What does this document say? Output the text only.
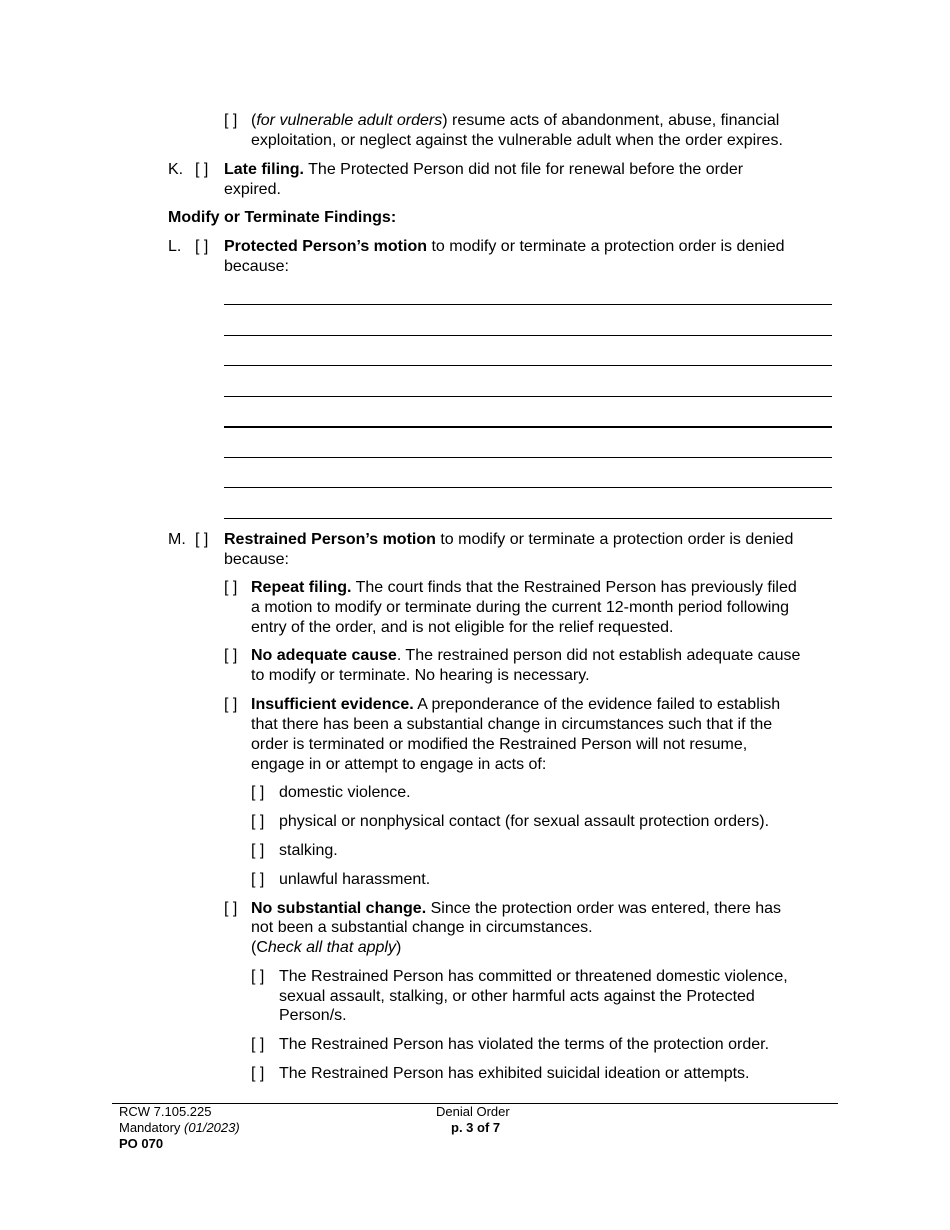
[ ] (for vulnerable adult orders) resume acts of abandonment, abuse, financial
exploitation, or neglect against the vulnerable adult when the order expires.
K. [ ] Late filing. The Protected Person did not file for renewal before the order
expired.
Modify or Terminate Findings:
L. [ ] Protected Person’s motion to modify or terminate a protection order is denied
because:
M. [ ] Restrained Person’s motion to modify or terminate a protection order is denied
because:
[ ] Repeat filing. The court finds that the Restrained Person has previously filed
a motion to modify or terminate during the current 12-month period following
entry of the order, and is not eligible for the relief requested.
[ ] No adequate cause. The restrained person did not establish adequate cause
to modify or terminate. No hearing is necessary.
[ ] Insufficient evidence. A preponderance of the evidence failed to establish
that there has been a substantial change in circumstances such that if the
order is terminated or modified the Restrained Person will not resume,
engage in or attempt to engage in acts of:
[ ] domestic violence.
[ ] physical or nonphysical contact (for sexual assault protection orders).
[ ] stalking.
[ ] unlawful harassment.
[ ] No substantial change. Since the protection order was entered, there has
not been a substantial change in circumstances.
(Check all that apply)
[ ] The Restrained Person has committed or threatened domestic violence,
sexual assault, stalking, or other harmful acts against the Protected
Person/s.
[ ] The Restrained Person has violated the terms of the protection order.
[ ] The Restrained Person has exhibited suicidal ideation or attempts.
RCW 7.105.225
Mandatory (01/2023)
PO 070
Denial Order
p. 3 of 7
